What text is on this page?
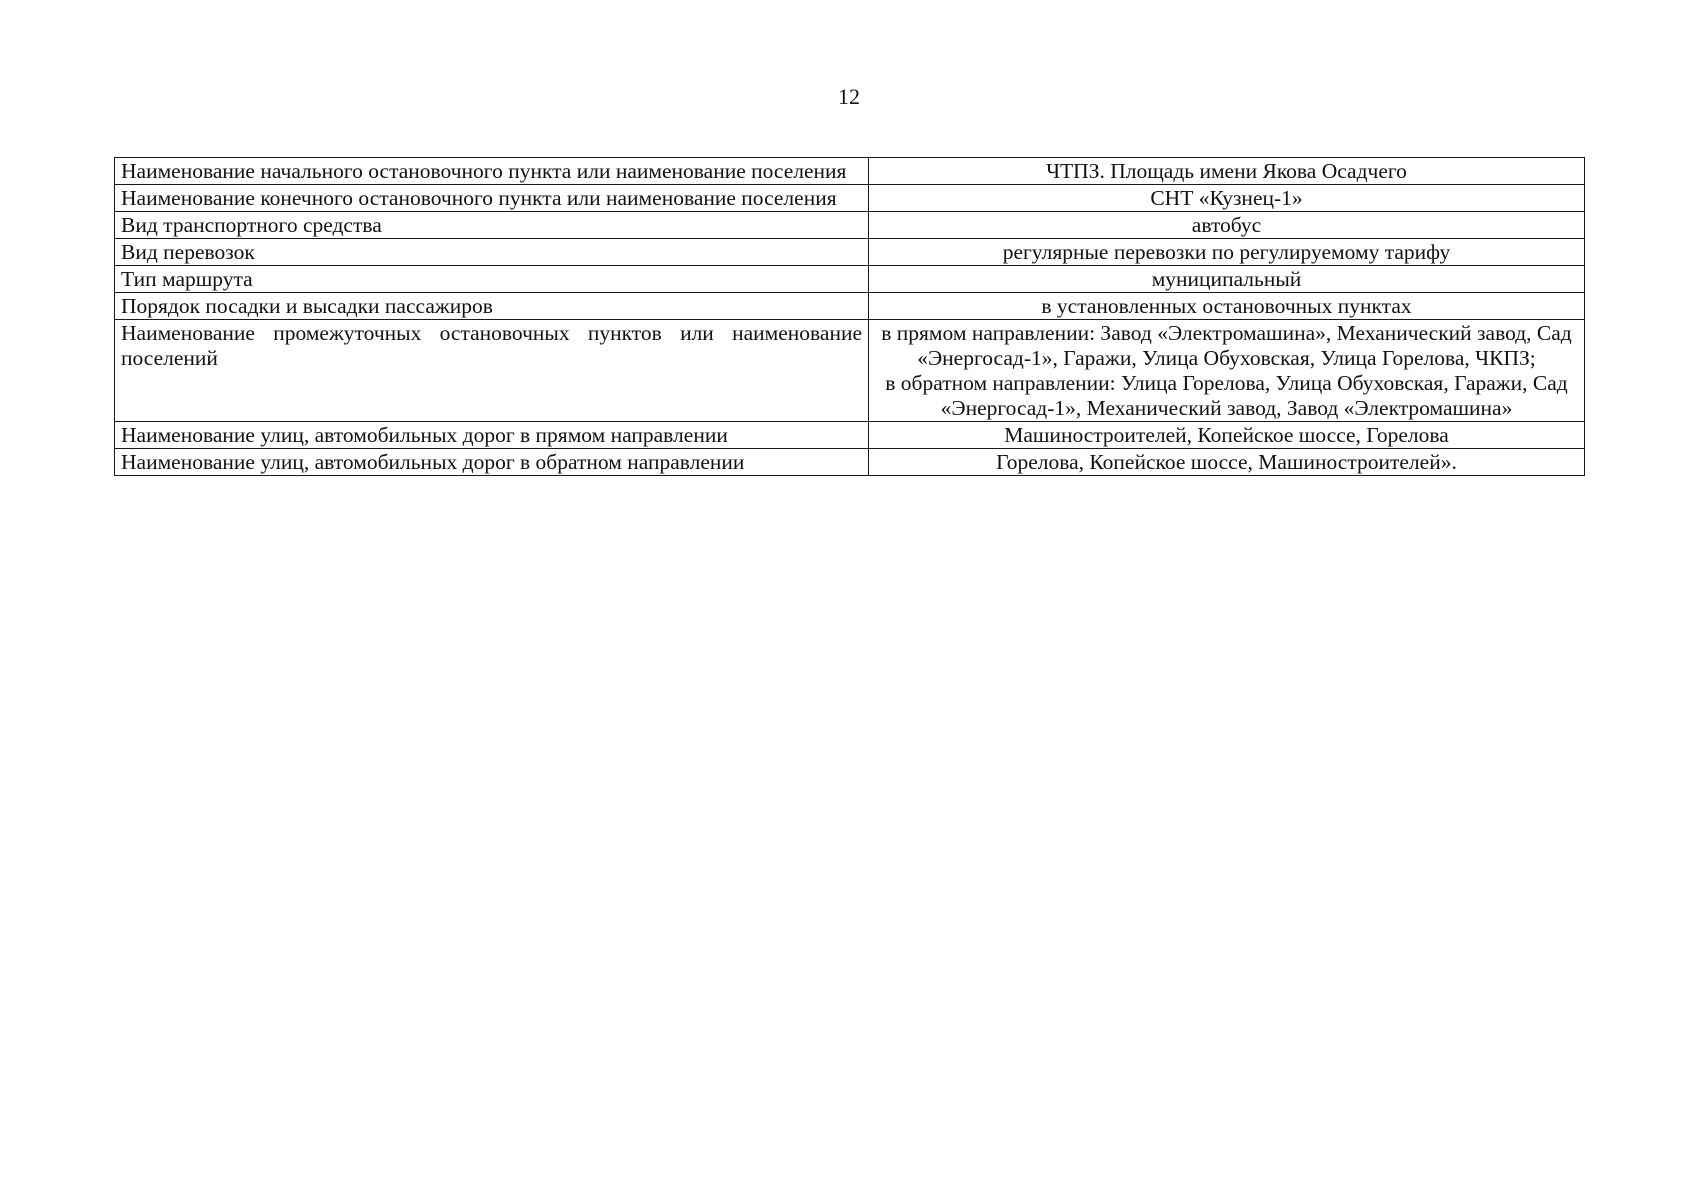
12
Наименование начального остановочного пункта или наименование поселения	ЧТПЗ. Площадь имени Якова Осадчего
Наименование конечного остановочного пункта или наименование поселения	СНТ «Кузнец-1»
Вид транспортного средства	автобус
Вид перевозок	регулярные перевозки по регулируемому тарифу
Тип маршрута	муниципальный
Порядок посадки и высадки пассажиров	в установленных остановочных пунктах
Наименование промежуточных остановочных пунктов или наименование поселений	в прямом направлении: Завод «Электромашина», Механический завод, Сад «Энергосад-1», Гаражи, Улица Обуховская, Улица Горелова, ЧКПЗ;
в обратном направлении: Улица Горелова, Улица Обуховская, Гаражи, Сад «Энергосад-1», Механический завод, Завод «Электромашина»

Наименование улиц, автомобильных дорог в прямом направлении	Машиностроителей, Копейское шоссе, Горелова
Наименование улиц, автомобильных дорог в обратном направлении	Горелова, Копейское шоссе, Машиностроителей».
